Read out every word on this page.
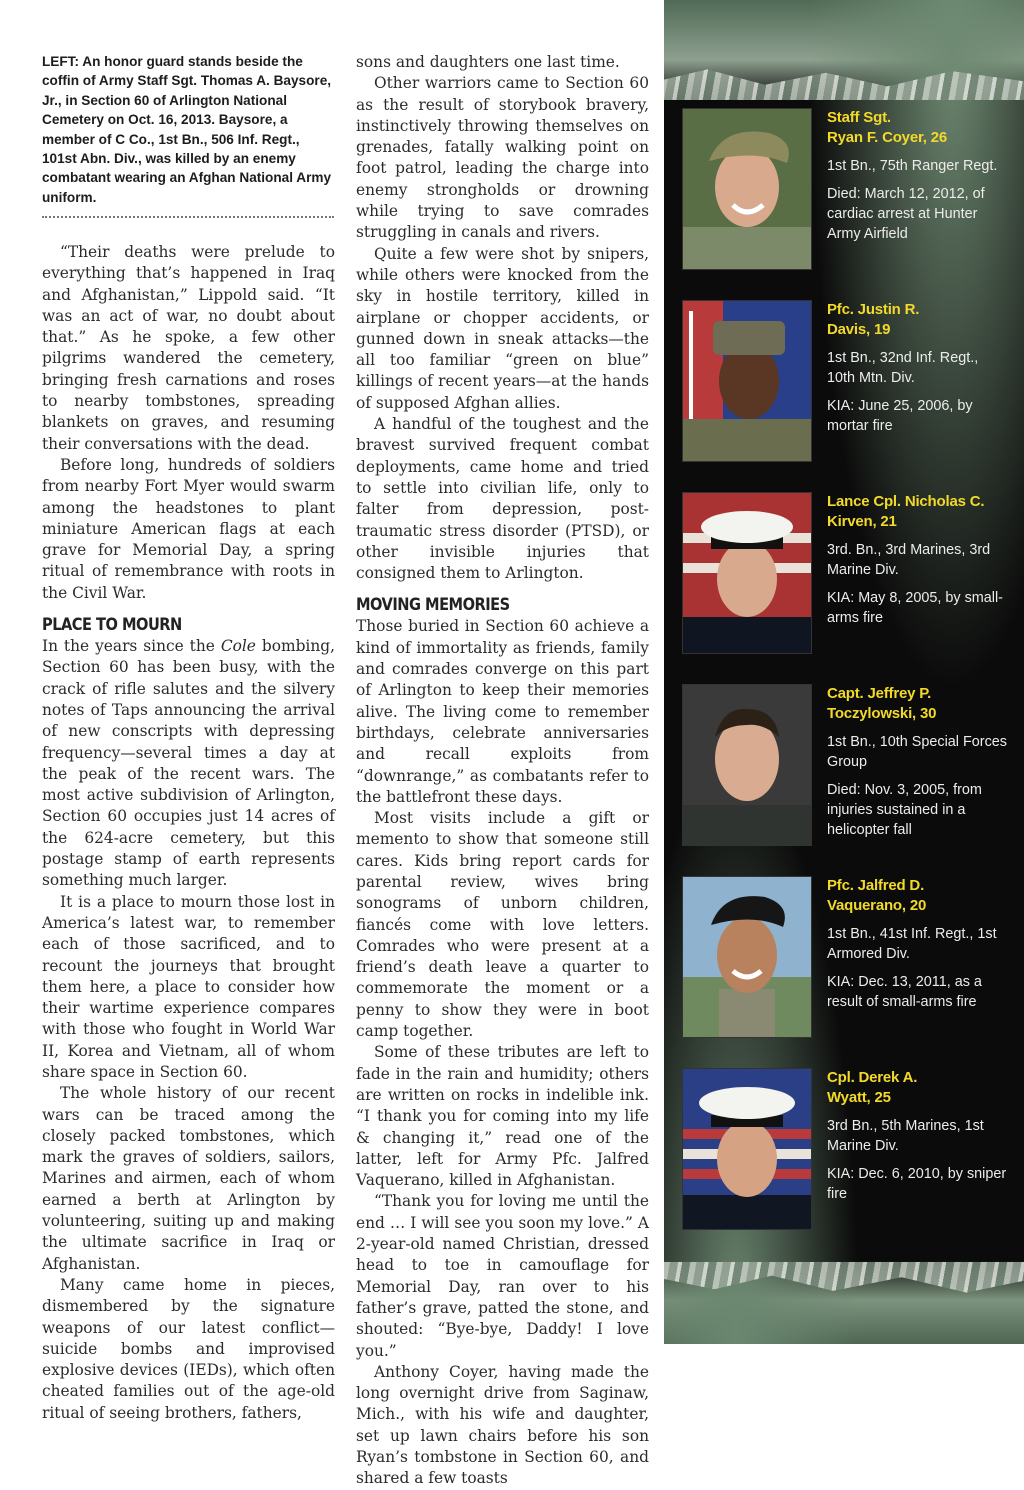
LEFT: An honor guard stands beside the coffin of Army Staff Sgt. Thomas A. Baysore, Jr., in Section 60 of Arlington National Cemetery on Oct. 16, 2013. Baysore, a member of C Co., 1st Bn., 506 Inf. Regt., 101st Abn. Div., was killed by an enemy combatant wearing an Afghan National Army uniform.

“Their deaths were prelude to everything that’s happened in Iraq and Afghanistan,” Lippold said. “It was an act of war, no doubt about that.” As he spoke, a few other pilgrims wandered the cemetery, bringing fresh carnations and roses to nearby tombstones, spreading blankets on graves, and resuming their conversations with the dead.

Before long, hundreds of soldiers from nearby Fort Myer would swarm among the headstones to plant miniature American flags at each grave for Memorial Day, a spring ritual of remembrance with roots in the Civil War.

PLACE TO MOURN

In the years since the Cole bombing, Section 60 has been busy, with the crack of rifle salutes and the silvery notes of Taps announcing the arrival of new conscripts with depressing frequency—several times a day at the peak of the recent wars. The most active subdivision of Arlington, Section 60 occupies just 14 acres of the 624-acre cemetery, but this postage stamp of earth represents something much larger.

It is a place to mourn those lost in America’s latest war, to remember each of those sacrificed, and to recount the journeys that brought them here, a place to consider how their wartime experience compares with those who fought in World War II, Korea and Vietnam, all of whom share space in Section 60.

The whole history of our recent wars can be traced among the closely packed tombstones, which mark the graves of soldiers, sailors, Marines and airmen, each of whom earned a berth at Arlington by volunteering, suiting up and making the ultimate sacrifice in Iraq or Afghanistan.

Many came home in pieces, dismembered by the signature weapons of our latest conflict—suicide bombs and improvised explosive devices (IEDs), which often cheated families out of the age-old ritual of seeing brothers, fathers,

sons and daughters one last time.

Other warriors came to Section 60 as the result of storybook bravery, instinctively throwing themselves on grenades, fatally walking point on foot patrol, leading the charge into enemy strongholds or drowning while trying to save comrades struggling in canals and rivers.

Quite a few were shot by snipers, while others were knocked from the sky in hostile territory, killed in airplane or chopper accidents, or gunned down in sneak attacks—the all too familiar “green on blue” killings of recent years—at the hands of supposed Afghan allies.

A handful of the toughest and the bravest survived frequent combat deployments, came home and tried to settle into civilian life, only to falter from depression, post-traumatic stress disorder (PTSD), or other invisible injuries that consigned them to Arlington.

MOVING MEMORIES

Those buried in Section 60 achieve a kind of immortality as friends, family and comrades converge on this part of Arlington to keep their memories alive. The living come to remember birthdays, celebrate anniversaries and recall exploits from “downrange,” as combatants refer to the battlefront these days.

Most visits include a gift or memento to show that someone still cares. Kids bring report cards for parental review, wives bring sonograms of unborn children, fiancés come with love letters. Comrades who were present at a friend’s death leave a quarter to commemorate the moment or a penny to show they were in boot camp together.

Some of these tributes are left to fade in the rain and humidity; others are written on rocks in indelible ink. “I thank you for coming into my life & changing it,” read one of the latter, left for Army Pfc. Jalfred Vaquerano, killed in Afghanistan.

“Thank you for loving me until the end … I will see you soon my love.” A 2-year-old named Christian, dressed head to toe in camouflage for Memorial Day, ran over to his father’s grave, patted the stone, and shouted: “Bye-bye, Daddy! I love you.”

Anthony Coyer, having made the long overnight drive from Saginaw, Mich., with his wife and daughter, set up lawn chairs before his son Ryan’s tombstone in Section 60, and shared a few toasts

Staff Sgt.
Ryan F. Coyer, 26

1st Bn., 75th Ranger Regt.

Died: March 12, 2012, of cardiac arrest at Hunter Army Airfield

Pfc. Justin R.
Davis, 19

1st Bn., 32nd Inf. Regt., 10th Mtn. Div.

KIA: June 25, 2006, by mortar fire

Lance Cpl. Nicholas C.
Kirven, 21

3rd. Bn., 3rd Marines, 3rd Marine Div.

KIA: May 8, 2005, by small-arms fire

Capt. Jeffrey P.
Toczylowski, 30

1st Bn., 10th Special Forces Group

Died: Nov. 3, 2005, from injuries sustained in a helicopter fall

Pfc. Jalfred D.
Vaquerano, 20

1st Bn., 41st Inf. Regt., 1st Armored Div.

KIA: Dec. 13, 2011, as a result of small-arms fire

Cpl. Derek A.
Wyatt, 25

3rd Bn., 5th Marines, 1st Marine Div.

KIA: Dec. 6, 2010, by sniper fire
